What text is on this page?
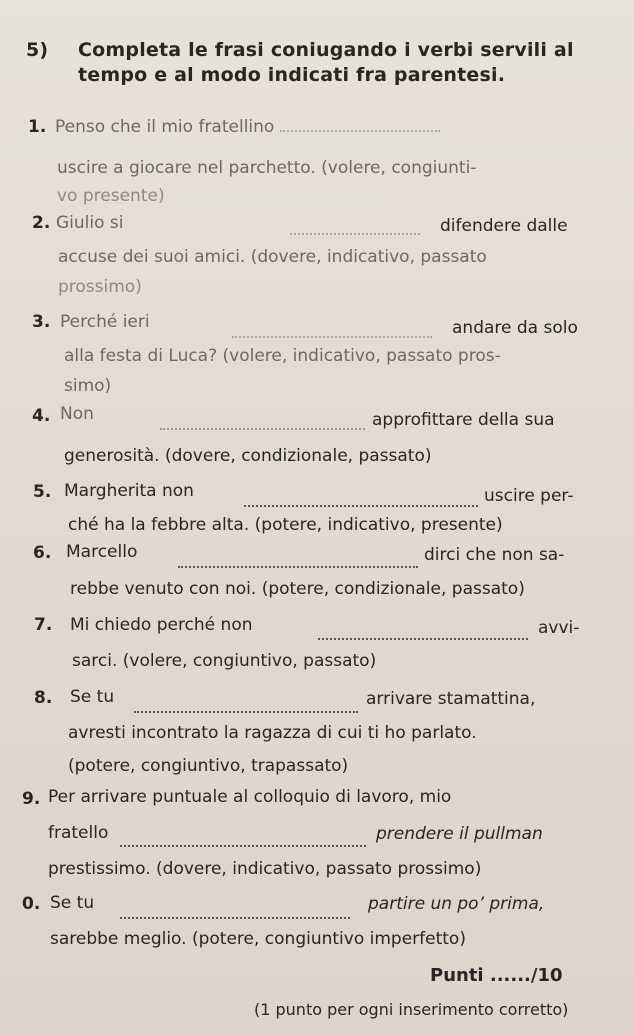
5) Completa le frasi coniugando i verbi servili al
tempo e al modo indicati fra parentesi.
1. Penso che il mio fratellino
uscire a giocare nel parchetto. (volere, congiunti-
vo presente)
2. Giulio si	difendere dalle
accuse dei suoi amici. (dovere, indicativo, passato
prossimo)
3. Perché ieri	andare da solo
alla festa di Luca? (volere, indicativo, passato pros-
simo)
4. Non	approfittare della sua
generosità. (dovere, condizionale, passato)
5. Margherita non	uscire per-
ché ha la febbre alta. (potere, indicativo, presente)
6. Marcello	dirci che non sa-
rebbe venuto con noi. (potere, condizionale, passato)
7. Mi chiedo perché non	avvi-
sarci. (volere, congiuntivo, passato)
8. Se tu	arrivare stamattina,
avresti incontrato la ragazza di cui ti ho parlato.
(potere, congiuntivo, trapassato)
9. Per arrivare puntuale al colloquio di lavoro, mio
fratello	prendere il pullman
prestissimo. (dovere, indicativo, passato prossimo)
0. Se tu	partire un po’ prima,
sarebbe meglio. (potere, congiuntivo imperfetto)
Punti ....../10
(1 punto per ogni inserimento corretto)
